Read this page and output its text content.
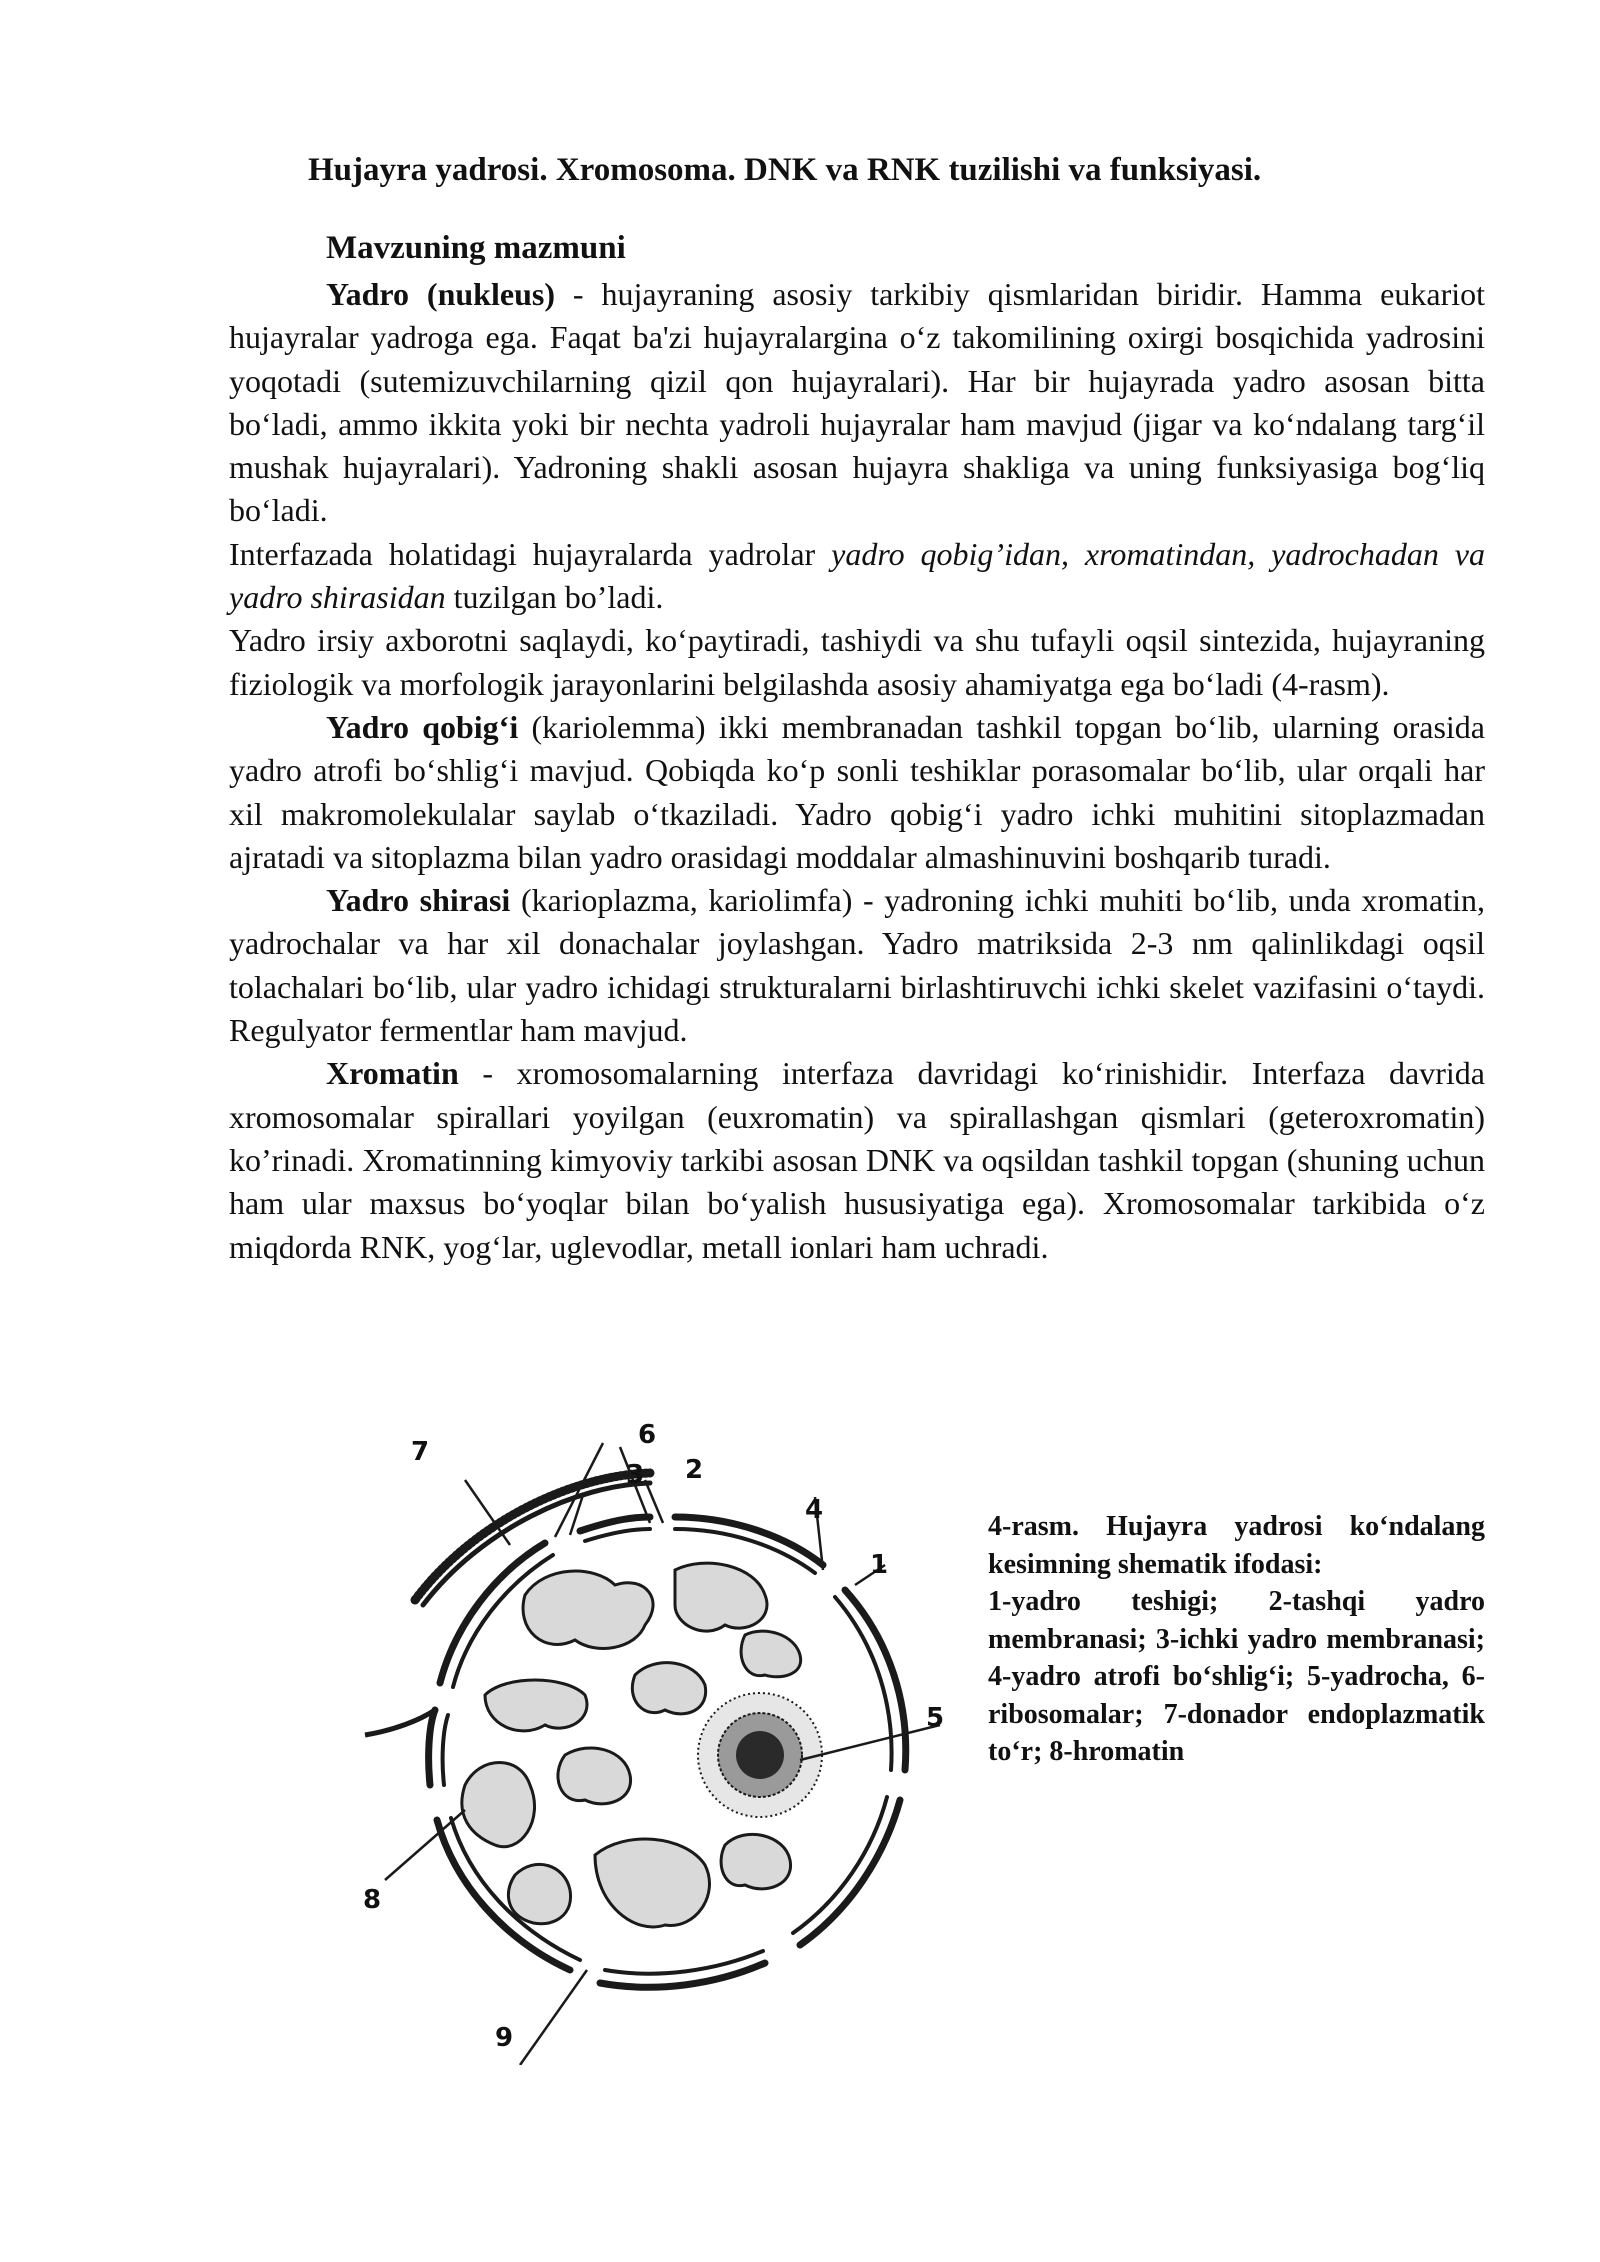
Hujayra yadrosi. Xromosoma. DNK va RNK tuzilishi va funksiyasi.
Mavzuning mazmuni

Yadro (nukleus) - hujayraning asosiy tarkibiy qismlaridan biridir. Hamma eukariot hujayralar yadroga ega. Faqat ba'zi hujayralargina o‘z takomilining oxirgi bosqichida yadrosini yoqotadi (sutemizuvchilarning qizil qon hujayralari). Har bir hujayrada yadro asosan bitta bo‘ladi, ammo ikkita yoki bir nechta yadroli hujayralar ham mavjud (jigar va ko‘ndalang targ‘il mushak hujayralari). Yadroning shakli asosan hujayra shakliga va uning funksiyasiga bog‘liq bo‘ladi.

Interfazada holatidagi hujayralarda yadrolar yadro qobig’idan, xromatindan, yadrochadan va yadro shirasidan tuzilgan bo’ladi.

Yadro irsiy axborotni saqlaydi, ko‘paytiradi, tashiydi va shu tufayli oqsil sintezida, hujayraning fiziologik va morfologik jarayonlarini belgilashda asosiy ahamiyatga ega bo‘ladi (4-rasm).

Yadro qobig‘i (kariolemma) ikki membranadan tashkil topgan bo‘lib, ularning orasida yadro atrofi bo‘shlig‘i mavjud. Qobiqda ko‘p sonli teshiklar porasomalar bo‘lib, ular orqali har xil makromolekulalar saylab o‘tkaziladi. Yadro qobig‘i yadro ichki muhitini sitoplazmadan ajratadi va sitoplazma bilan yadro orasidagi moddalar almashinuvini boshqarib turadi.

Yadro shirasi (karioplazma, kariolimfa) - yadroning ichki muhiti bo‘lib, unda xromatin, yadrochalar va har xil donachalar joylashgan. Yadro matriksida 2-3 nm qalinlikdagi oqsil tolachalari bo‘lib, ular yadro ichidagi strukturalarni birlashtiruvchi ichki skelet vazifasini o‘taydi. Regulyator fermentlar ham mavjud.

Xromatin - xromosomalarning interfaza davridagi ko‘rinishidir. Interfaza davrida xromosomalar spirallari yoyilgan (euxromatin) va spirallashgan qismlari (geteroxromatin) ko’rinadi. Xromatinning kimyoviy tarkibi asosan DNK va oqsildan tashkil topgan (shuning uchun ham ular maxsus bo‘yoqlar bilan bo‘yalish hususiyatiga ega). Xromosomalar tarkibida o‘z miqdorda RNK, yog‘lar, uglevodlar, metall ionlari ham uchradi.

7
6
3 2
4
1
5
8
9

4-rasm. Hujayra yadrosi ko‘ndalang kesimning shematik ifodasi:

1-yadro teshigi; 2-tashqi yadro membranasi; 3-ichki yadro membranasi; 4-yadro atrofi bo‘shlig‘i; 5-yadrocha, 6-ribosomalar; 7-donador endoplazmatik to‘r; 8-hromatin
